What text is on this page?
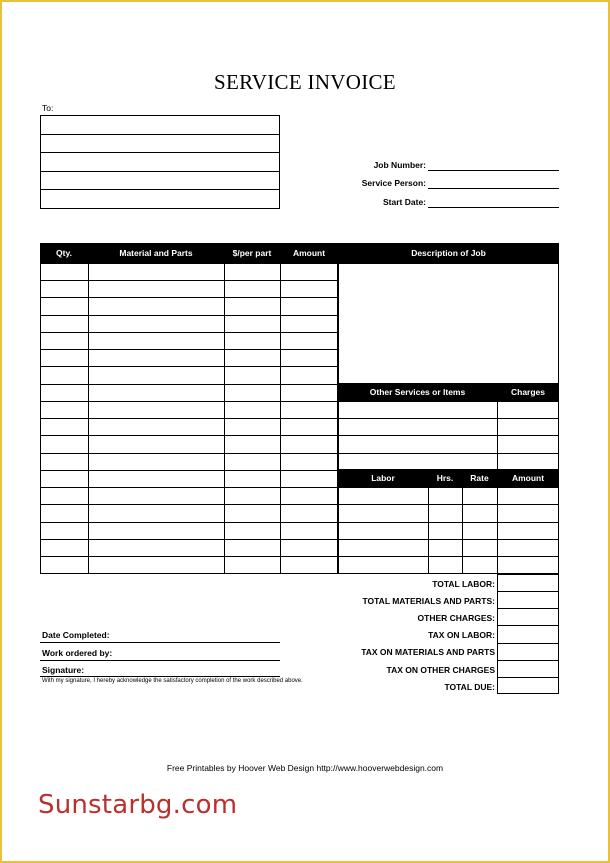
SERVICE INVOICE
To:
Job Number:
Service Person:
Start Date:
Qty.	Material and Parts	$/per part	Amount	Description of Job
Other Services or Items	Charges
Labor	Hrs.	Rate	Amount
TOTAL LABOR:
TOTAL MATERIALS AND PARTS:
OTHER CHARGES:
TAX ON LABOR:
TAX ON MATERIALS AND PARTS
TAX ON OTHER CHARGES
TOTAL DUE:
Date Completed:
Work ordered by:
Signature:
With my signature, I hereby acknowledge the satisfactory completion of the work described above.
Free Printables by Hoover Web Design http://www.hooverwebdesign.com
Sunstarbg.com
